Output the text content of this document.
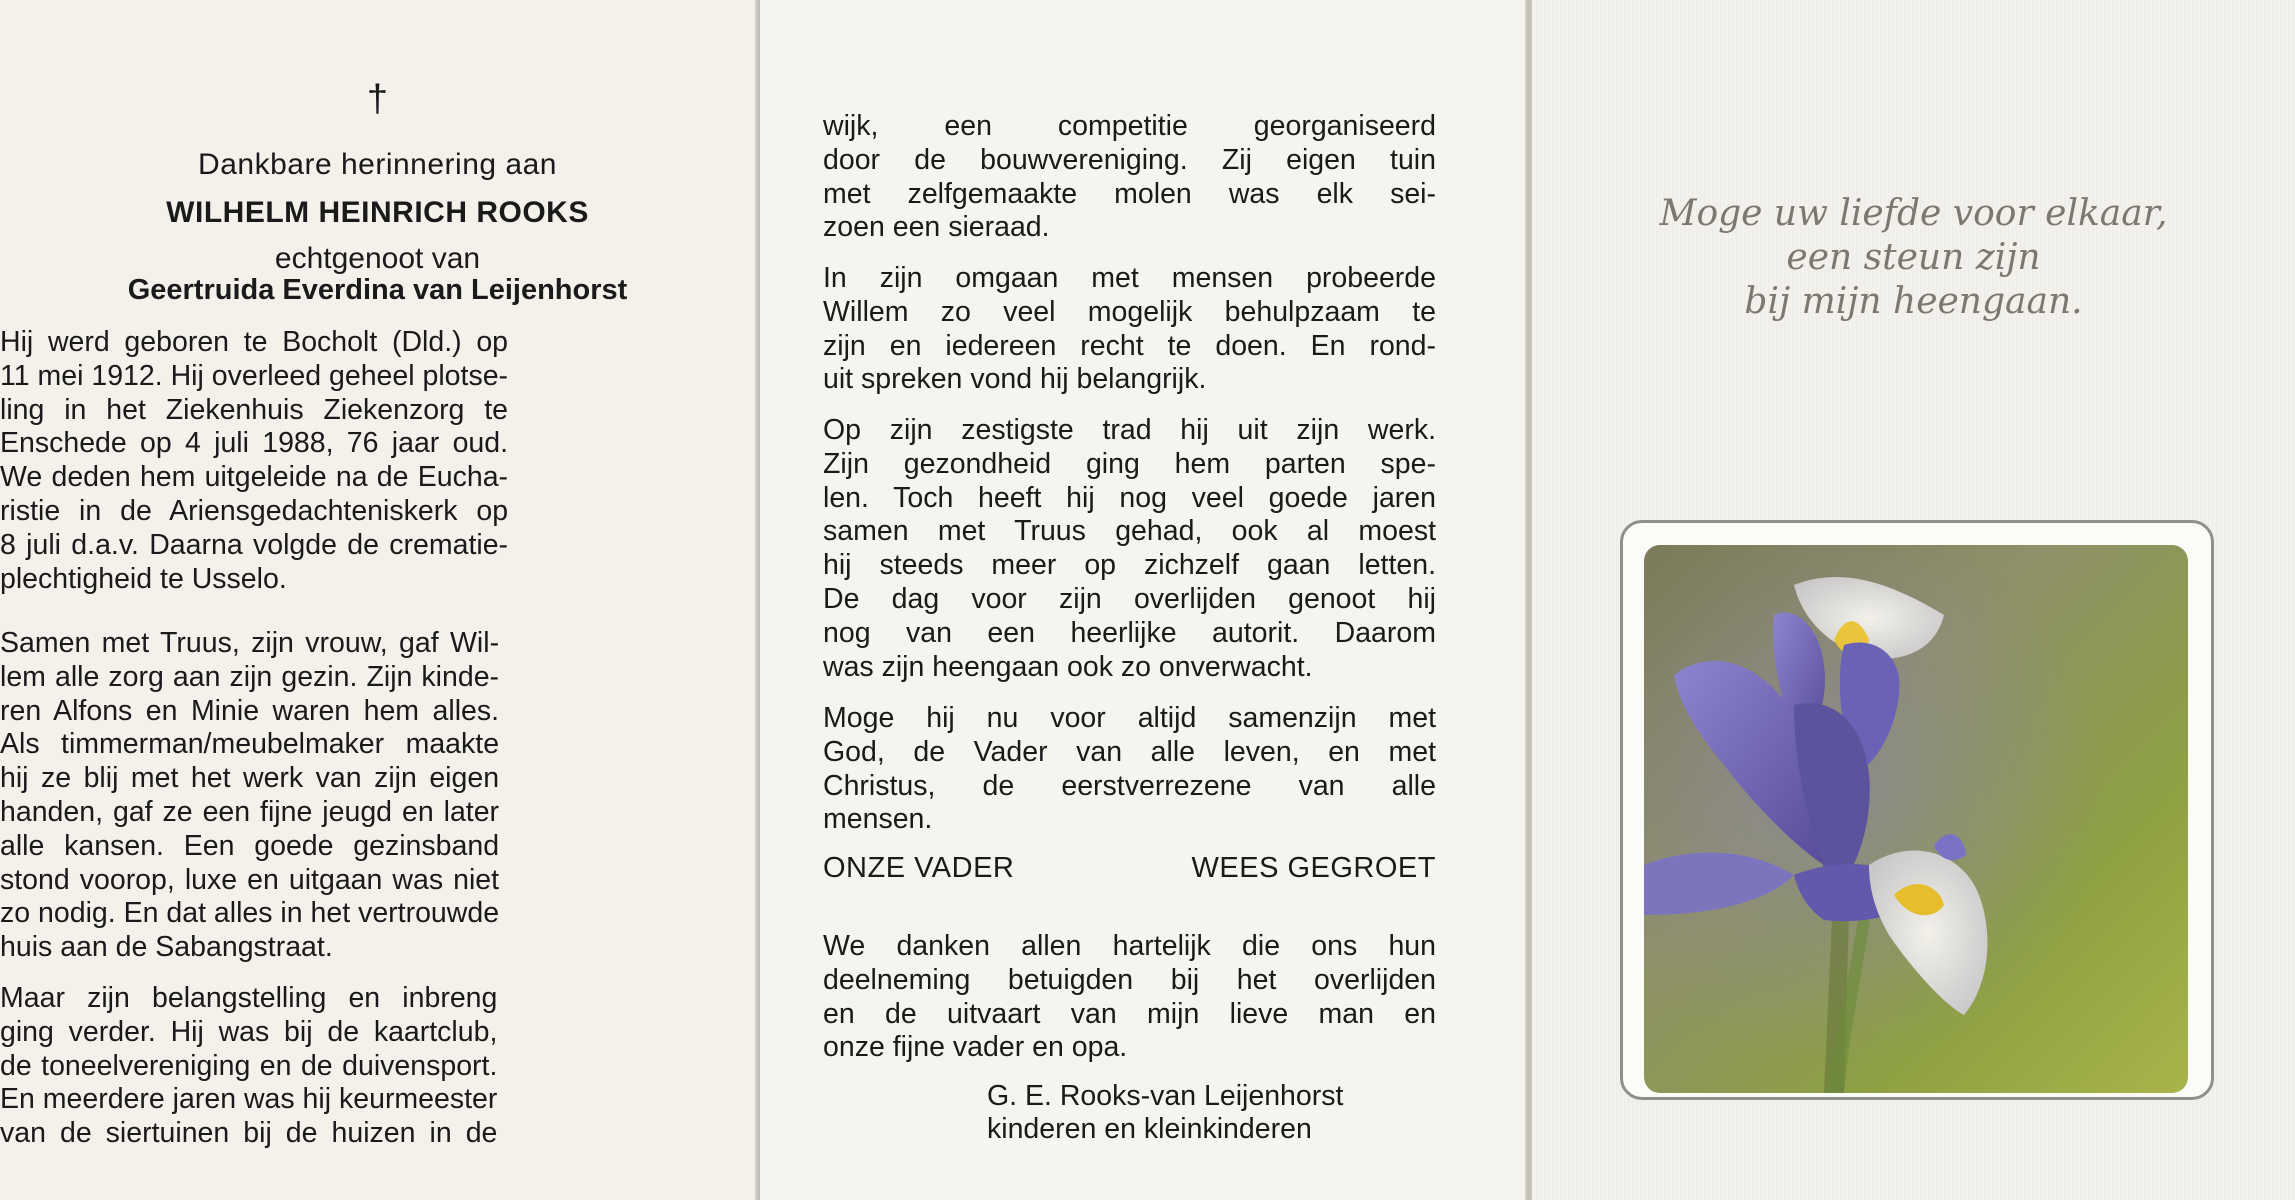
†
Dankbare herinnering aan
WILHELM HEINRICH ROOKS
echtgenoot van
Geertruida Everdina van Leijenhorst
Hij werd geboren te Bocholt (Dld.) op
11 mei 1912. Hij overleed geheel plotse-
ling in het Ziekenhuis Ziekenzorg te
Enschede op 4 juli 1988, 76 jaar oud.
We deden hem uitgeleide na de Eucha-
ristie in de Ariensgedachteniskerk op
8 juli d.a.v. Daarna volgde de crematie-
plechtigheid te Usselo.
Samen met Truus, zijn vrouw, gaf Wil-
lem alle zorg aan zijn gezin. Zijn kinde-
ren Alfons en Minie waren hem alles.
Als timmerman/meubelmaker maakte
hij ze blij met het werk van zijn eigen
handen, gaf ze een fijne jeugd en later
alle kansen. Een goede gezinsband
stond voorop, luxe en uitgaan was niet
zo nodig. En dat alles in het vertrouwde
huis aan de Sabangstraat.
Maar zijn belangstelling en inbreng
ging verder. Hij was bij de kaartclub,
de toneelvereniging en de duivensport.
En meerdere jaren was hij keurmeester
van de siertuinen bij de huizen in de
wijk, een competitie georganiseerd
door de bouwvereniging. Zij eigen tuin
met zelfgemaakte molen was elk sei-
zoen een sieraad.
In zijn omgaan met mensen probeerde
Willem zo veel mogelijk behulpzaam te
zijn en iedereen recht te doen. En rond-
uit spreken vond hij belangrijk.
Op zijn zestigste trad hij uit zijn werk.
Zijn gezondheid ging hem parten spe-
len. Toch heeft hij nog veel goede jaren
samen met Truus gehad, ook al moest
hij steeds meer op zichzelf gaan letten.
De dag voor zijn overlijden genoot hij
nog van een heerlijke autorit. Daarom
was zijn heengaan ook zo onverwacht.
Moge hij nu voor altijd samenzijn met
God, de Vader van alle leven, en met
Christus, de eerstverrezene van alle
mensen.
ONZE VADER	WEES GEGROET
We danken allen hartelijk die ons hun
deelneming betuigden bij het overlijden
en de uitvaart van mijn lieve man en
onze fijne vader en opa.
G. E. Rooks-van Leijenhorst
kinderen en kleinkinderen
Moge uw liefde voor elkaar,
een steun zijn
bij mijn heengaan.
